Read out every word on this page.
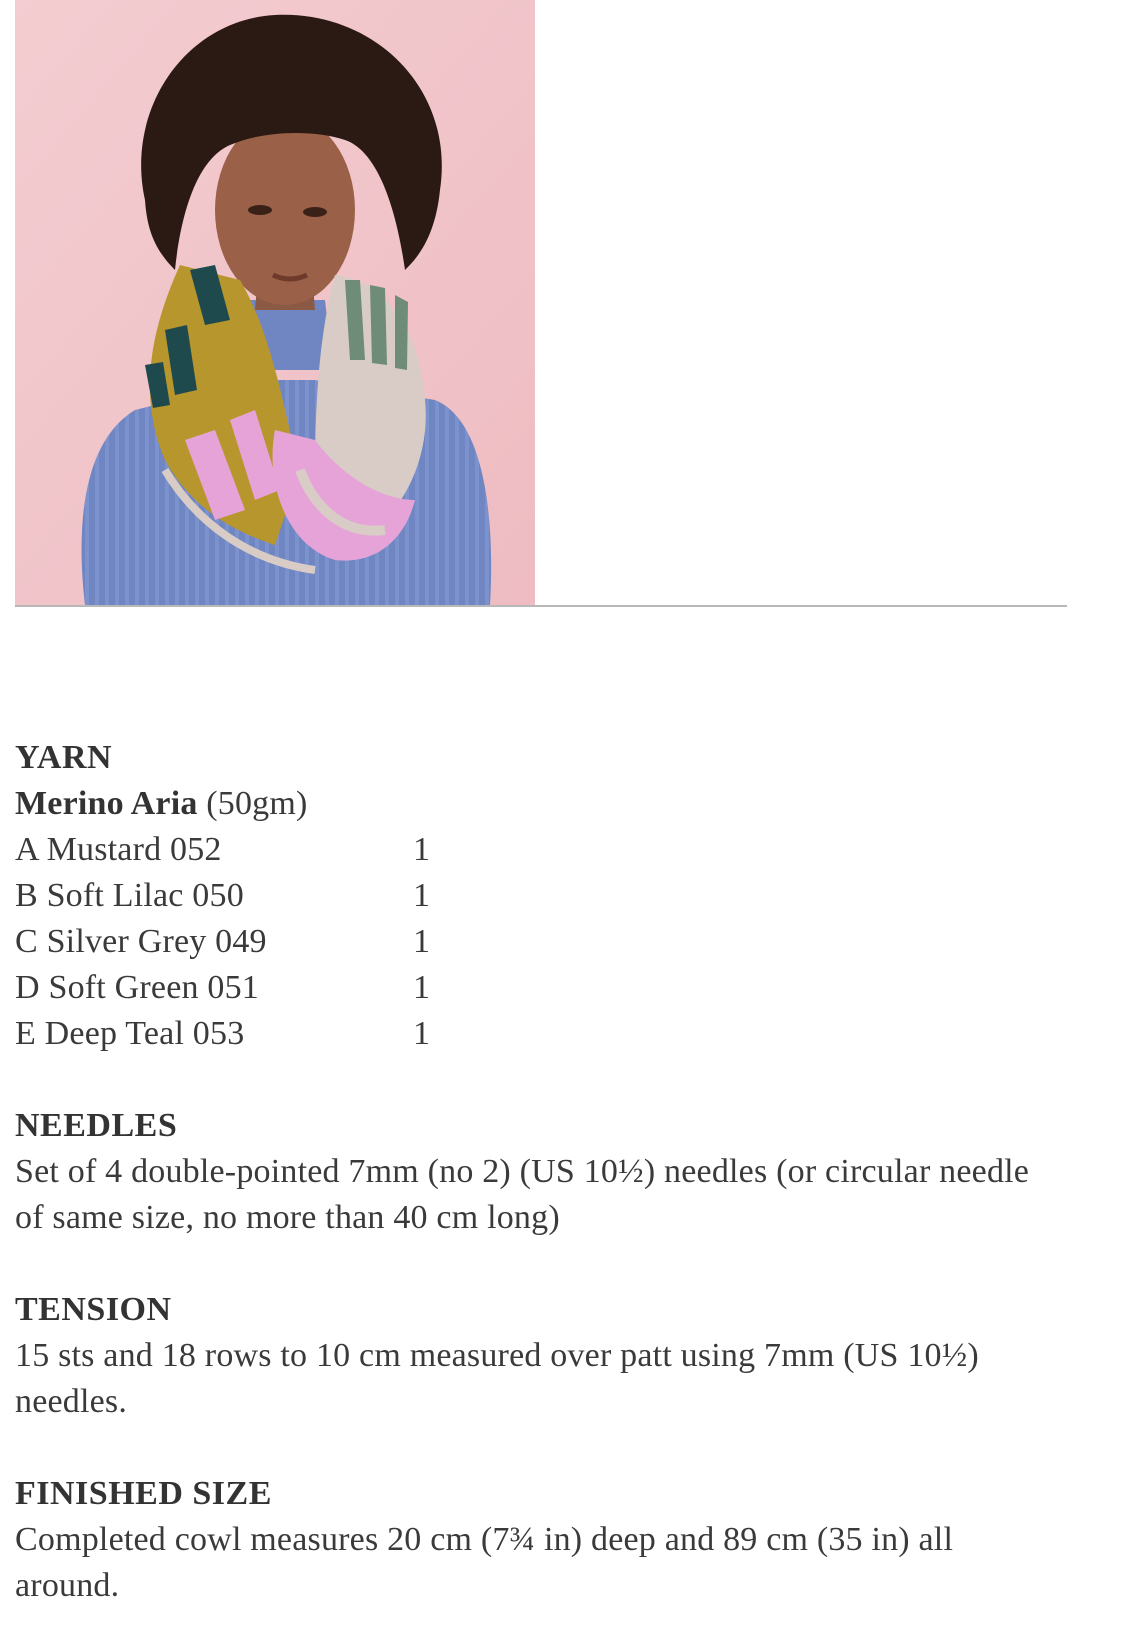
YARN
Merino Aria (50gm)
A Mustard 052	1
B Soft Lilac 050	1
C Silver Grey 049	1
D Soft Green 051	1
E Deep Teal 053	1
NEEDLES
Set of 4 double-pointed 7mm (no 2) (US 10½) needles (or circular needle
of same size, no more than 40 cm long)
TENSION
15 sts and 18 rows to 10 cm measured over patt using 7mm (US 10½)
needles.
FINISHED SIZE
Completed cowl measures 20 cm (7¾ in) deep and 89 cm (35 in) all
around.
